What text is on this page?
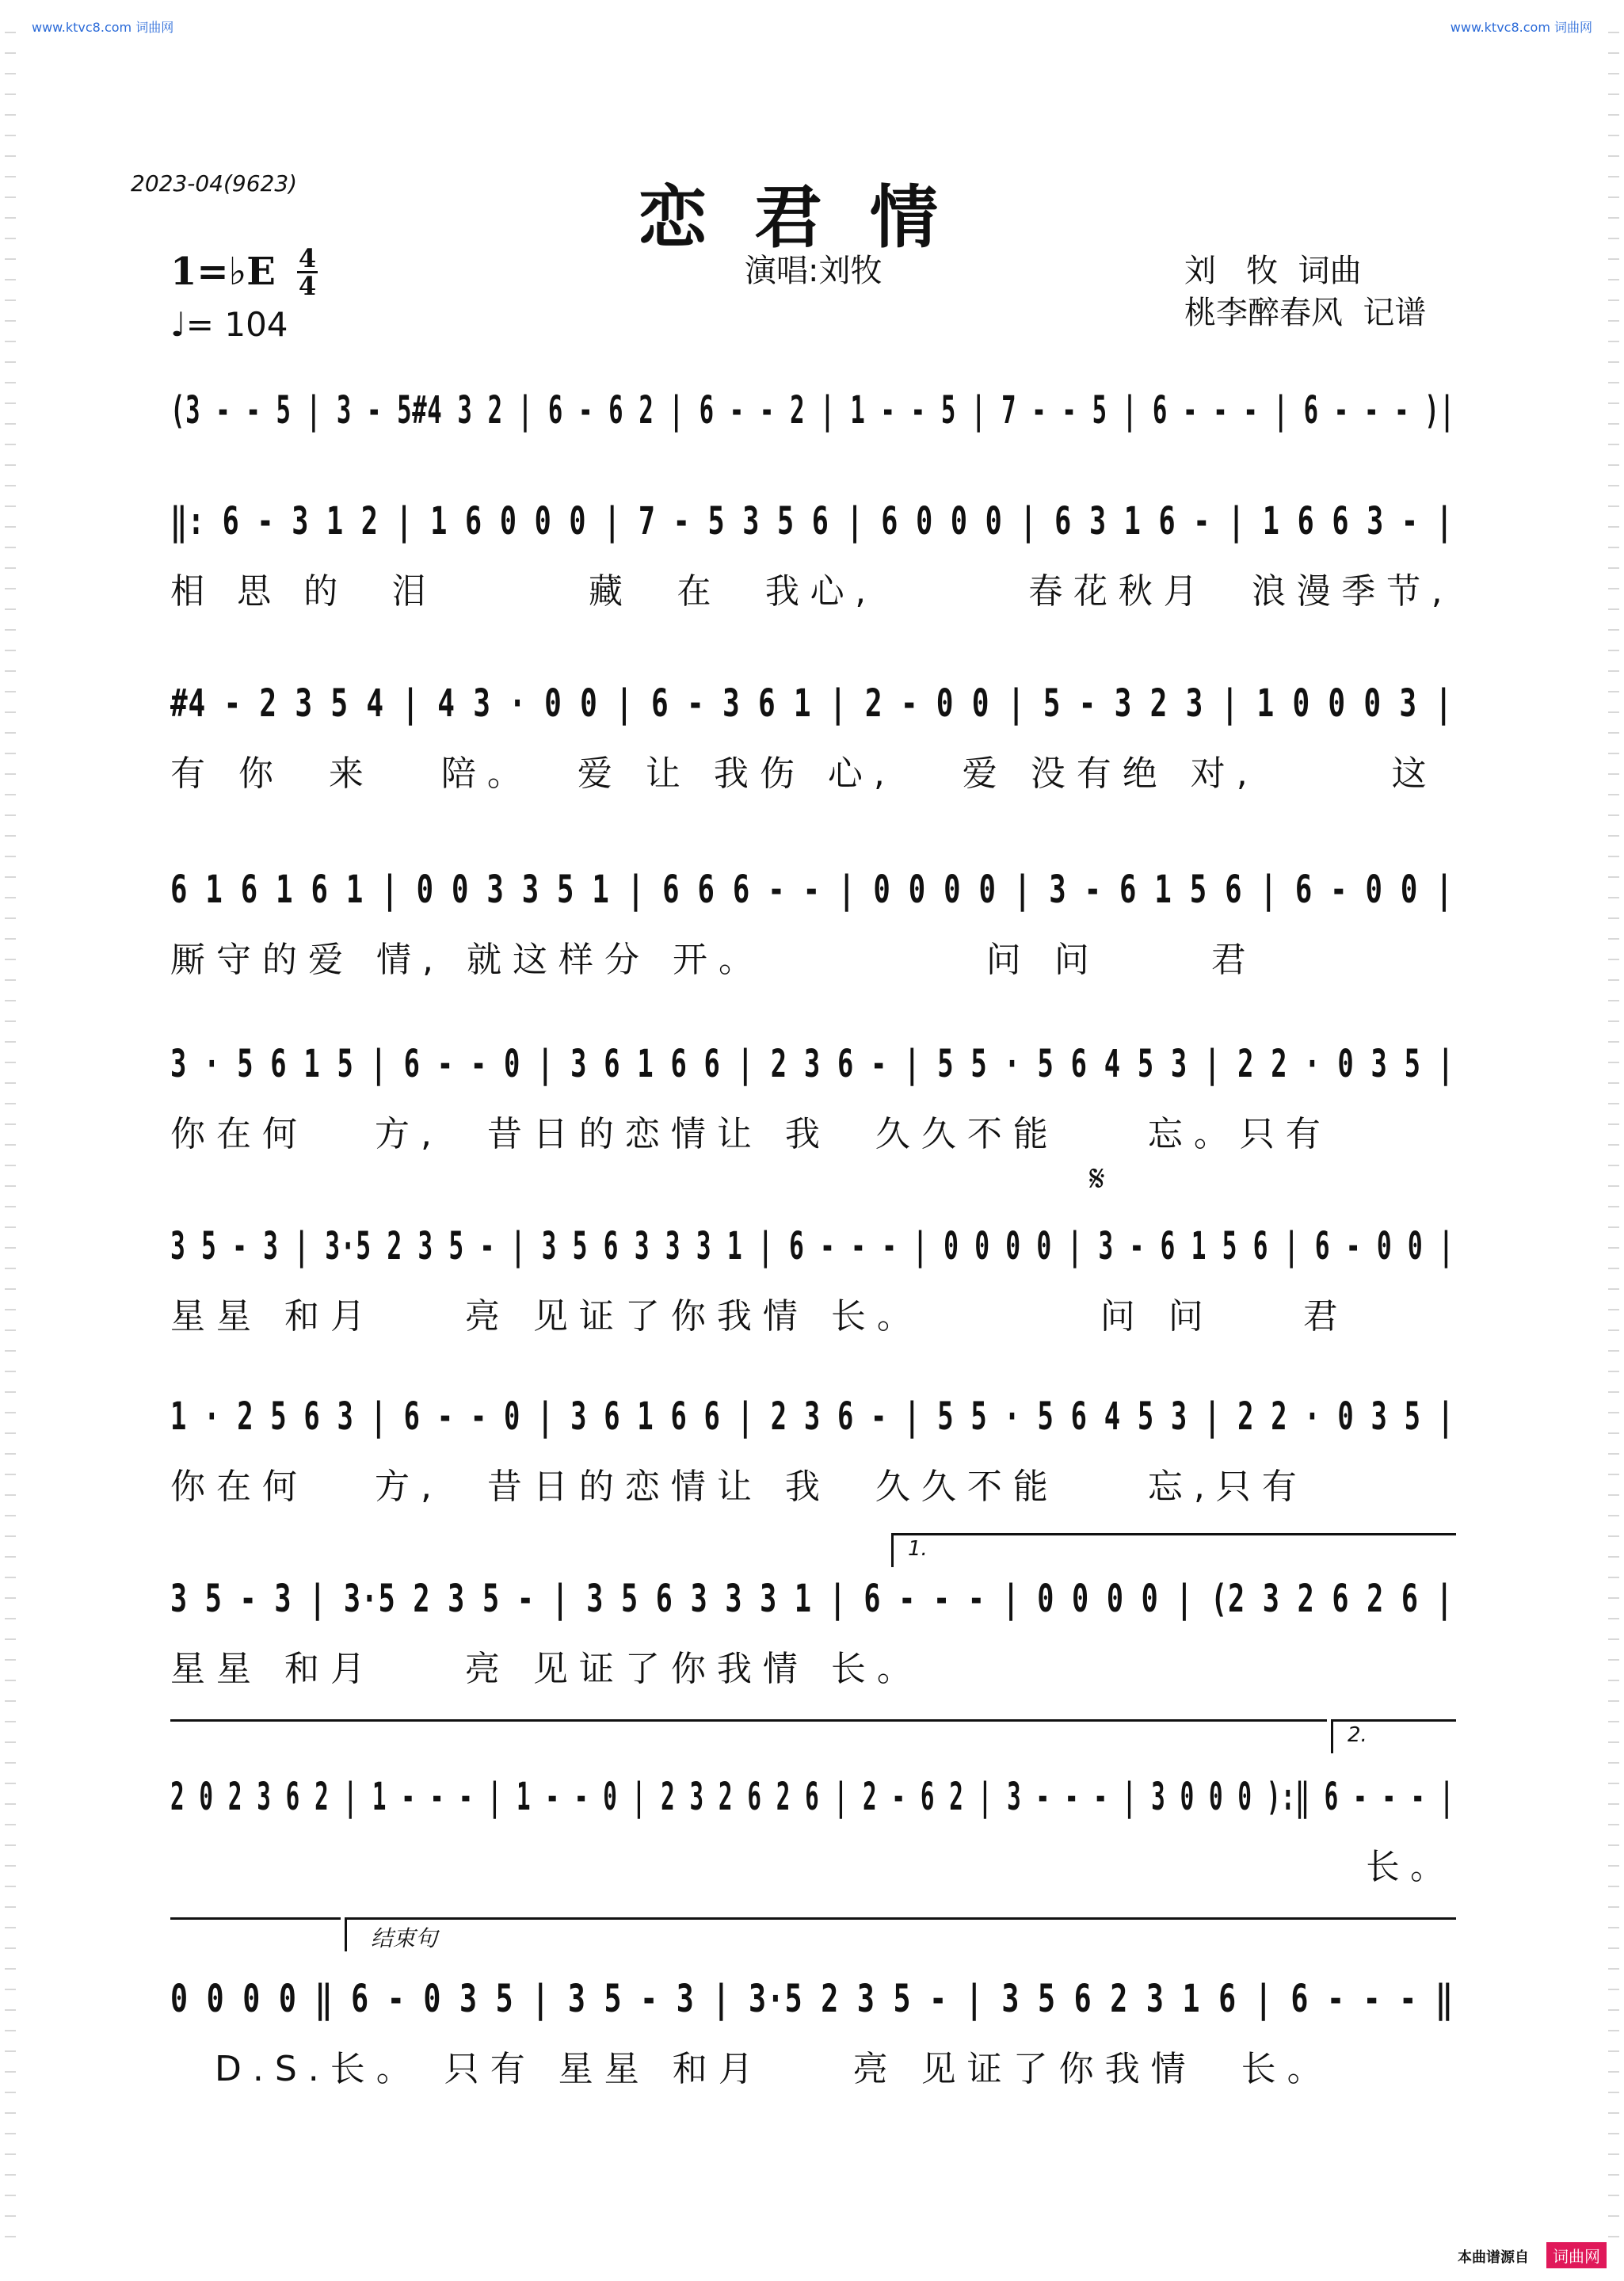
www.ktvc8.com 词曲网	www.ktvc8.com 词曲网
2023-04(9623)	恋君情
1=♭E 4
4
♩= 104
演唱:刘牧	刘   牧  词曲
桃李醉春风  记谱
(3 - - 5 | 3 - 5#4 3 2 | 6 - 6 2 | 6 - - 2 | 1 - - 5 | 7 - - 5 | 6 - - - | 6 - - - )|
‖: 6 - 3 1 2 | 1 6 0 0 0 | 7 - 5 3 5 6 | 6 0 0 0 | 6 3 1 6 - | 1 6 6 3 - |
相 思 的  泪       藏  在  我心,       春花秋月  浪漫季节,
#4 - 2 3 5 4 | 4 3 · 0 0 | 6 - 3 6 1 | 2 - 0 0 | 5 - 3 2 3 | 1 0 0 0 3 |
有 你  来   陪。  爱 让 我伤 心,   爱 没有绝 对,      这
6 1 6 1 6 1 | 0 0 3 3 5 1 | 6 6 6 - - | 0 0 0 0 | 3 - 6 1 5 6 | 6 - 0 0 |
厮守的爱 情, 就这样分 开。          问 问     君
3 · 5 6 1 5 | 6 - - 0 | 3 6 1 6 6 | 2 3 6 - | 5 5 · 5 6 4 5 3 | 2 2 · 0 3 5 |
你在何   方,  昔日的恋情让 我  久久不能    忘。只有
3 5 - 3 | 3·5 2 3 5 - | 3 5 6 3 3 3 1 | 6 - - - | 0 0 0 0 | 3 - 6 1 5 6 | 6 - 0 0 |
星星 和月    亮 见证了你我情 长。        问 问    君
1 · 2 5 6 3 | 6 - - 0 | 3 6 1 6 6 | 2 3 6 - | 5 5 · 5 6 4 5 3 | 2 2 · 0 3 5 |
你在何   方,  昔日的恋情让 我  久久不能    忘,只有
3 5 - 3 | 3·5 2 3 5 - | 3 5 6 3 3 3 1 | 6 - - - | 0 0 0 0 | (2 3 2 6 2 6 |
星星 和月    亮 见证了你我情 长。
2 0 2 3 6 2 | 1 - - - | 1 - - 0 | 2 3 2 6 2 6 | 2 - 6 2 | 3 - - - | 3 0 0 0 ):‖ 6 - - - |
长。
0 0 0 0 ‖ 6 - 0 3 5 | 3 5 - 3 | 3·5 2 3 5 - | 3 5 6 2 3 1 6 | 6 - - - ‖
D.S.长。 只有 星星 和月    亮 见证了你我情  长。
𝄋
1.
2.
结束句
本曲谱源自	词曲网
